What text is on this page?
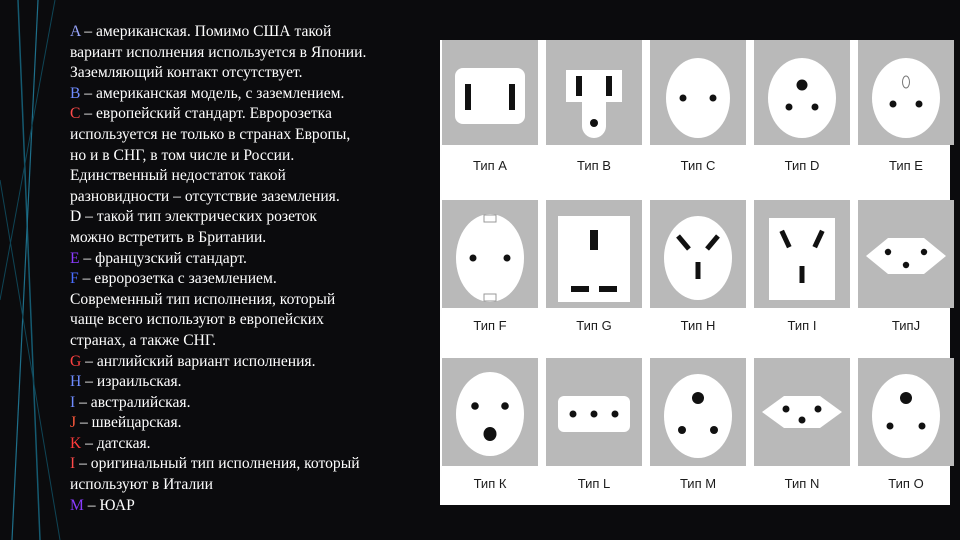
A – американская. Помимо США такой
вариант исполнения используется в Японии.
Заземляющий контакт отсутствует.
B – американская модель, с заземлением.
C – европейский стандарт. Евророзетка
используется не только в странах Европы,
но и в СНГ, в том числе и России.
Единственный недостаток такой
разновидности – отсутствие заземления.
D – такой тип электрических розеток
можно встретить в Британии.
E – французский стандарт.
F – евророзетка с заземлением.
Современный тип исполнения, который
чаще всего используют в европейских
странах, а также СНГ.
G – английский вариант исполнения.
H – израильская.
I – австралийская.
J – швейцарская.
K – датская.
I – оригинальный тип исполнения, который
используют в Италии
M – ЮАР
Тип А	Тип В	Тип С	Тип D	Тип Е
Тип F	Тип G	Тип Н	Тип I	ТипJ
Тип К	Тип L	Тип М	Тип N	Тип О
